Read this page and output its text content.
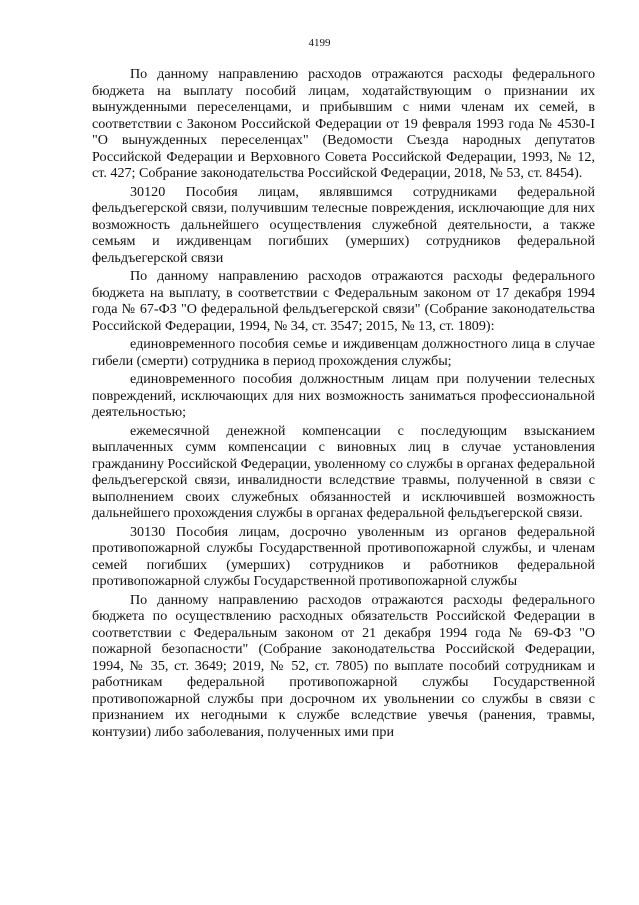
4199

По данному направлению расходов отражаются расходы федерального бюджета на выплату пособий лицам, ходатайствующим о признании их вынужденными переселенцами, и прибывшим с ними членам их семей, в соответствии с Законом Российской Федерации от 19 февраля 1993 года № 4530-I "О вынужденных переселенцах" (Ведомости Съезда народных депутатов Российской Федерации и Верховного Совета Российской Федерации, 1993, № 12, ст. 427; Собрание законодательства Российской Федерации, 2018, № 53, ст. 8454).

30120 Пособия лицам, являвшимся сотрудниками федеральной фельдъегерской связи, получившим телесные повреждения, исключающие для них возможность дальнейшего осуществления служебной деятельности, а также семьям и иждивенцам погибших (умерших) сотрудников федеральной фельдъегерской связи

По данному направлению расходов отражаются расходы федерального бюджета на выплату, в соответствии с Федеральным законом от 17 декабря 1994 года № 67-ФЗ "О федеральной фельдъегерской связи" (Собрание законодательства Российской Федерации, 1994, № 34, ст. 3547; 2015, № 13, ст. 1809):

единовременного пособия семье и иждивенцам должностного лица в случае гибели (смерти) сотрудника в период прохождения службы;

единовременного пособия должностным лицам при получении телесных повреждений, исключающих для них возможность заниматься профессиональной деятельностью;

ежемесячной денежной компенсации с последующим взысканием выплаченных сумм компенсации с виновных лиц в случае установления гражданину Российской Федерации, уволенному со службы в органах федеральной фельдъегерской связи, инвалидности вследствие травмы, полученной в связи с выполнением своих служебных обязанностей и исключившей возможность дальнейшего прохождения службы в органах федеральной фельдъегерской связи.

30130 Пособия лицам, досрочно уволенным из органов федеральной противопожарной службы Государственной противопожарной службы, и членам семей погибших (умерших) сотрудников и работников федеральной противопожарной службы Государственной противопожарной службы

По данному направлению расходов отражаются расходы федерального бюджета по осуществлению расходных обязательств Российской Федерации в соответствии с Федеральным законом от 21 декабря 1994 года № 69-ФЗ "О пожарной безопасности" (Собрание законодательства Российской Федерации, 1994, № 35, ст. 3649; 2019, № 52, ст. 7805) по выплате пособий сотрудникам и работникам федеральной противопожарной службы Государственной противопожарной службы при досрочном их увольнении со службы в связи с признанием их негодными к службе вследствие увечья (ранения, травмы, контузии) либо заболевания, полученных ими при
